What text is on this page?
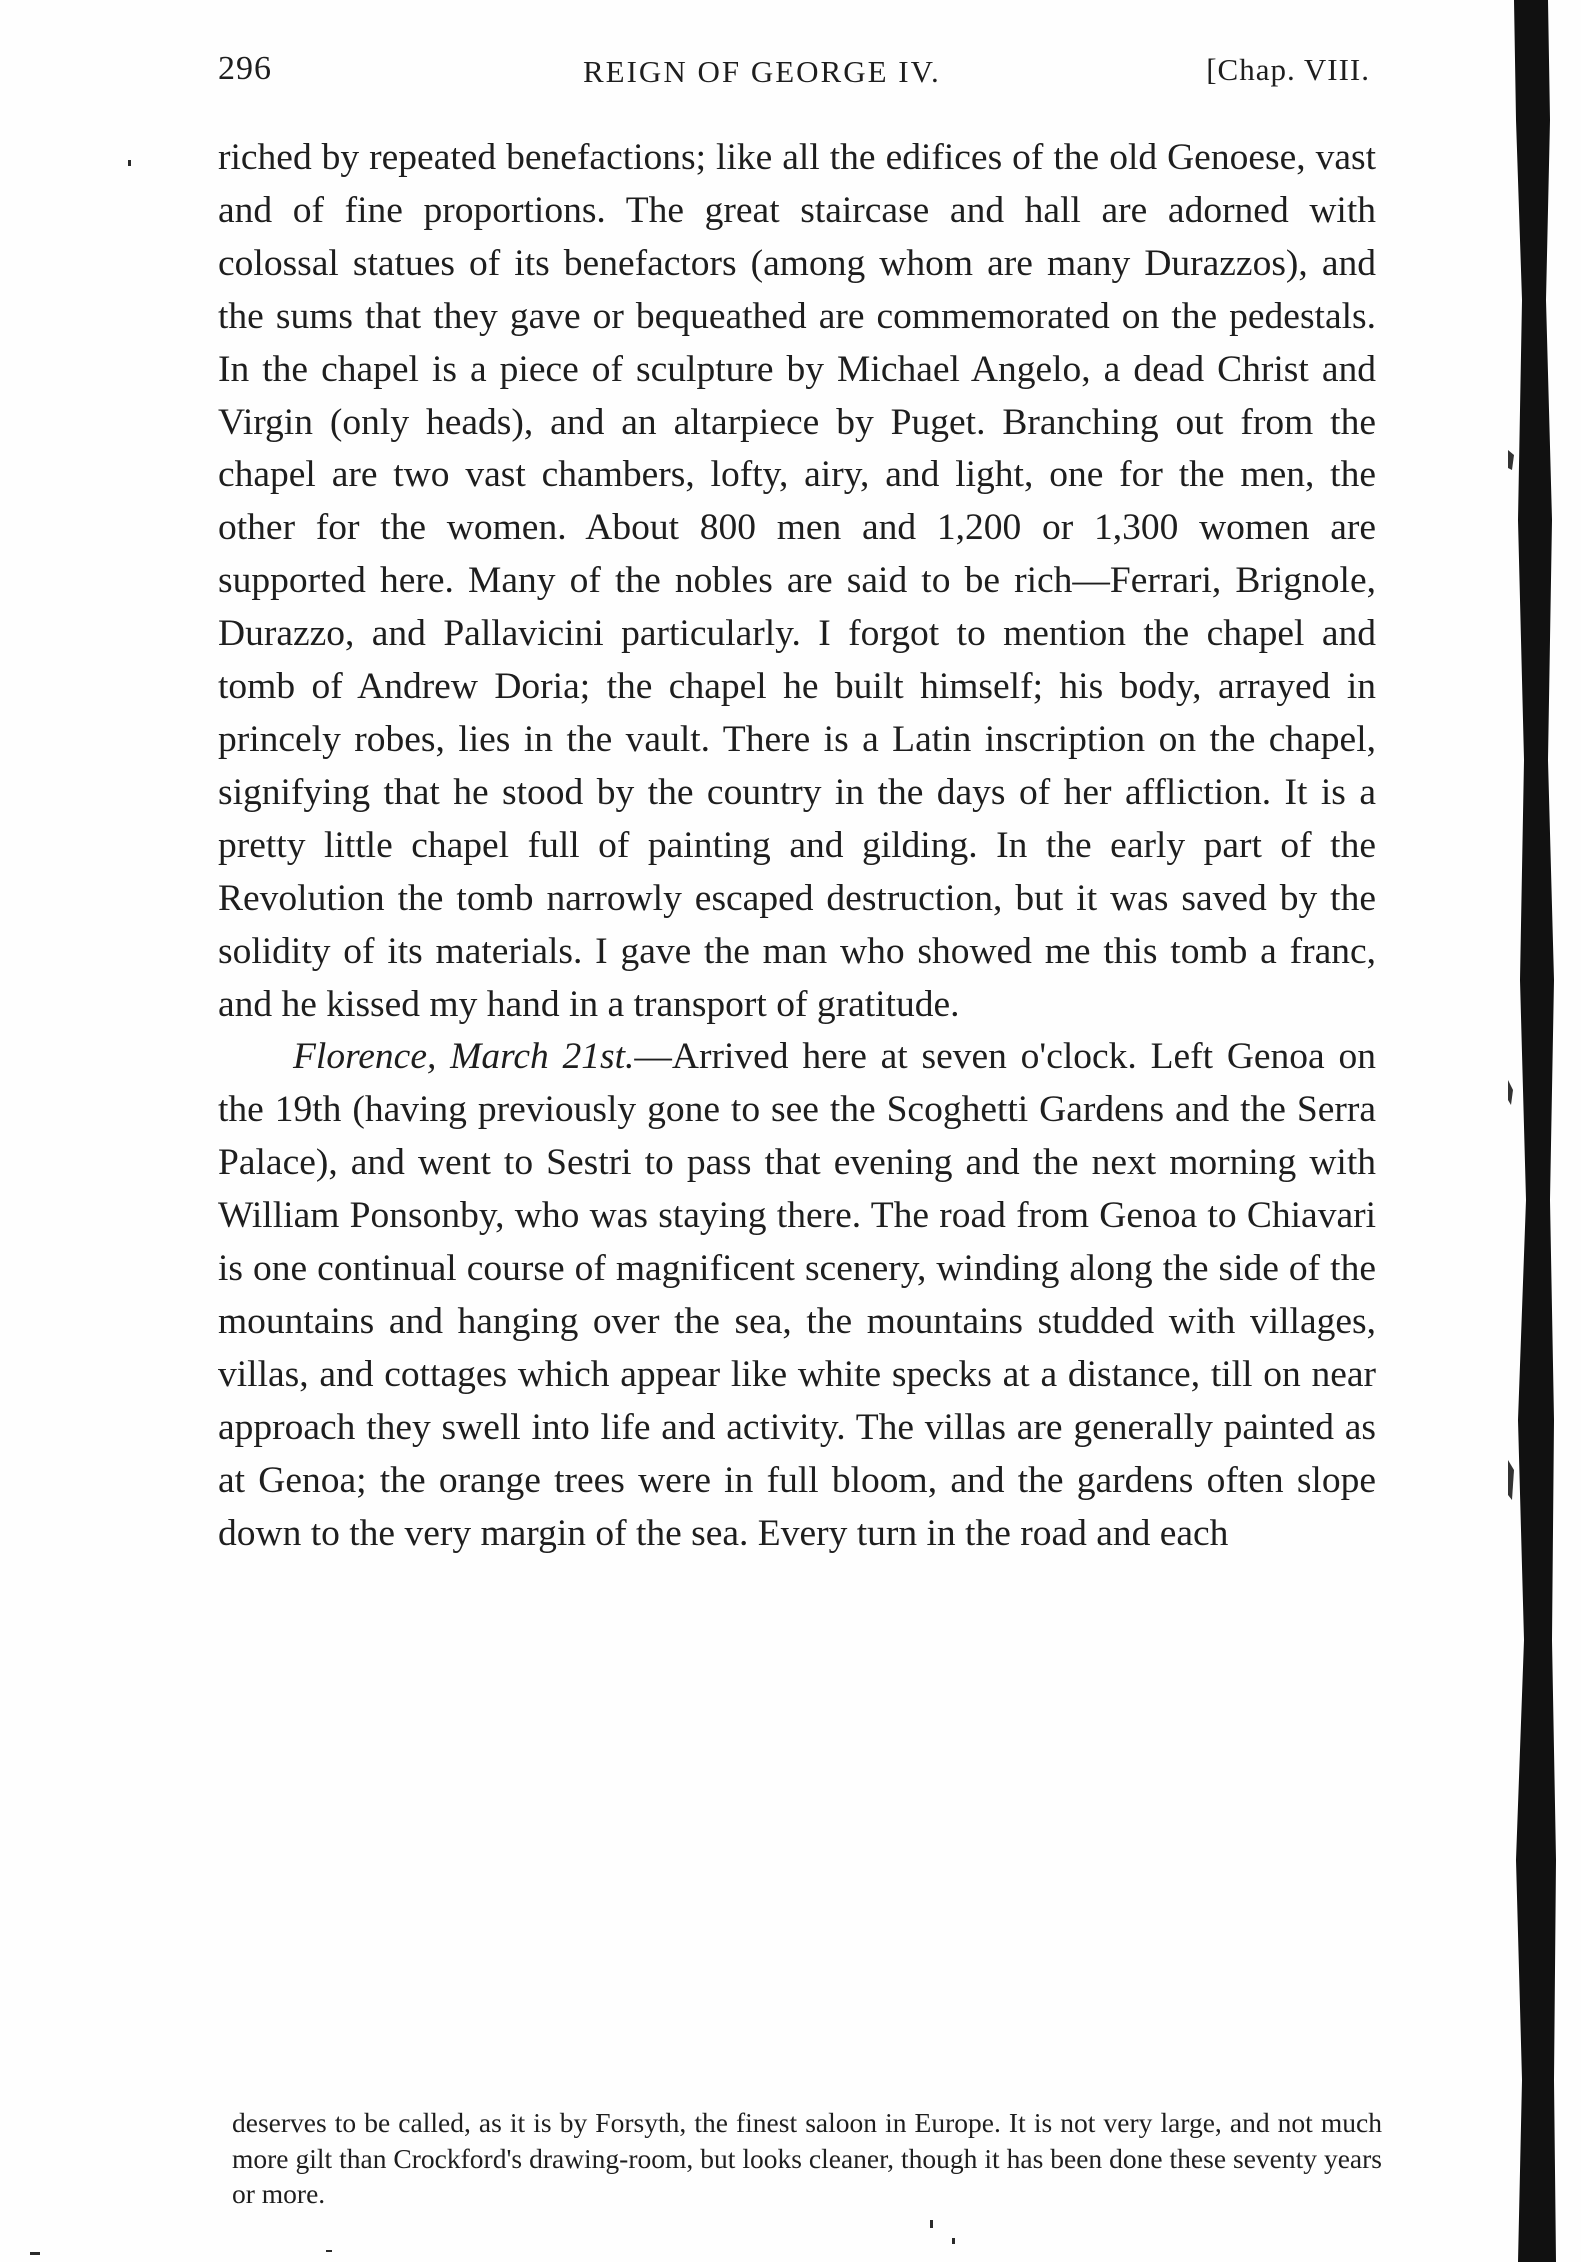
296	REIGN OF GEORGE IV.	[Chap. VIII.

riched by repeated benefactions; like all the edifices of the old Genoese, vast and of fine proportions. The great staircase and hall are adorned with colossal statues of its benefactors (among whom are many Durazzos), and the sums that they gave or bequeathed are commemorated on the pedestals. In the chapel is a piece of sculpture by Michael Angelo, a dead Christ and Virgin (only heads), and an altarpiece by Puget. Branching out from the chapel are two vast chambers, lofty, airy, and light, one for the men, the other for the women. About 800 men and 1,200 or 1,300 women are supported here. Many of the nobles are said to be rich—Ferrari, Brignole, Durazzo, and Pallavicini particularly. I forgot to mention the chapel and tomb of Andrew Doria; the chapel he built himself; his body, arrayed in princely robes, lies in the vault. There is a Latin inscription on the chapel, signifying that he stood by the country in the days of her affliction. It is a pretty little chapel full of painting and gilding. In the early part of the Revolution the tomb narrowly escaped destruction, but it was saved by the solidity of its materials. I gave the man who showed me this tomb a franc, and he kissed my hand in a transport of gratitude.

Florence, March 21st.—Arrived here at seven o'clock. Left Genoa on the 19th (having previously gone to see the Scoghetti Gardens and the Serra Palace), and went to Sestri to pass that evening and the next morning with William Ponsonby, who was staying there. The road from Genoa to Chiavari is one continual course of magnificent scenery, winding along the side of the mountains and hanging over the sea, the mountains studded with villages, villas, and cottages which appear like white specks at a distance, till on near approach they swell into life and activity. The villas are generally painted as at Genoa; the orange trees were in full bloom, and the gardens often slope down to the very margin of the sea. Every turn in the road and each

deserves to be called, as it is by Forsyth, the finest saloon in Europe. It is not very large, and not much more gilt than Crockford's drawing-room, but looks cleaner, though it has been done these seventy years or more.
